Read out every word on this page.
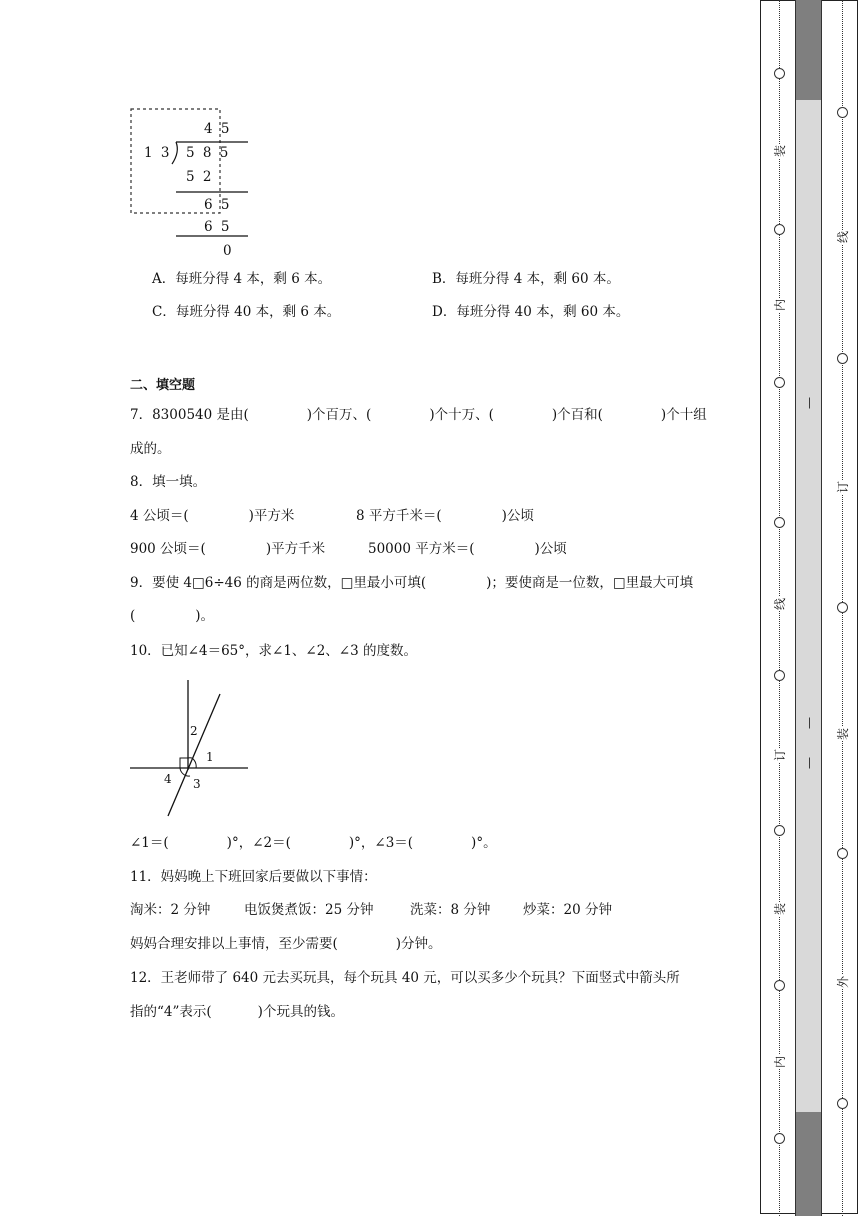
4 5
1 3 5 8 5
5 2
6 5
6 5
0
A．每班分得 4 本，剩 6 本。	B．每班分得 4 本，剩 60 本。
C．每班分得 40 本，剩 6 本。	D．每班分得 40 本，剩 60 本。
二、填空题
7．8300540 是由(	)个百万、(	)个十万、(	)个百和(	)个十组
成的。
8．填一填。
4 公顷＝(	)平方米	8 平方千米＝(	)公顷
900 公顷＝(	)平方千米	50000 平方米＝(	)公顷
9．要使 4□6÷46 的商是两位数，□里最小可填(	)；要使商是一位数，□里最大可填
(	)。
10．已知∠4＝65°，求∠1、∠2、∠3 的度数。
2
1
4 3
∠1＝(	)°，∠2＝(	)°，∠3＝(	)°。
11．妈妈晚上下班回家后要做以下事情：
淘米：2 分钟 电饭煲煮饭：25 分钟	洗菜：8 分钟 炒菜：20 分钟
妈妈合理安排以上事情，至少需要(	)分钟。
12．王老师带了 640 元去买玩具，每个玩具 40 元，可以买多少个玩具？下面竖式中箭头所
指的“4”表示(	)个玩具的钱。
装
内
线
订
装
内
—
—
—
线
订
装
外
